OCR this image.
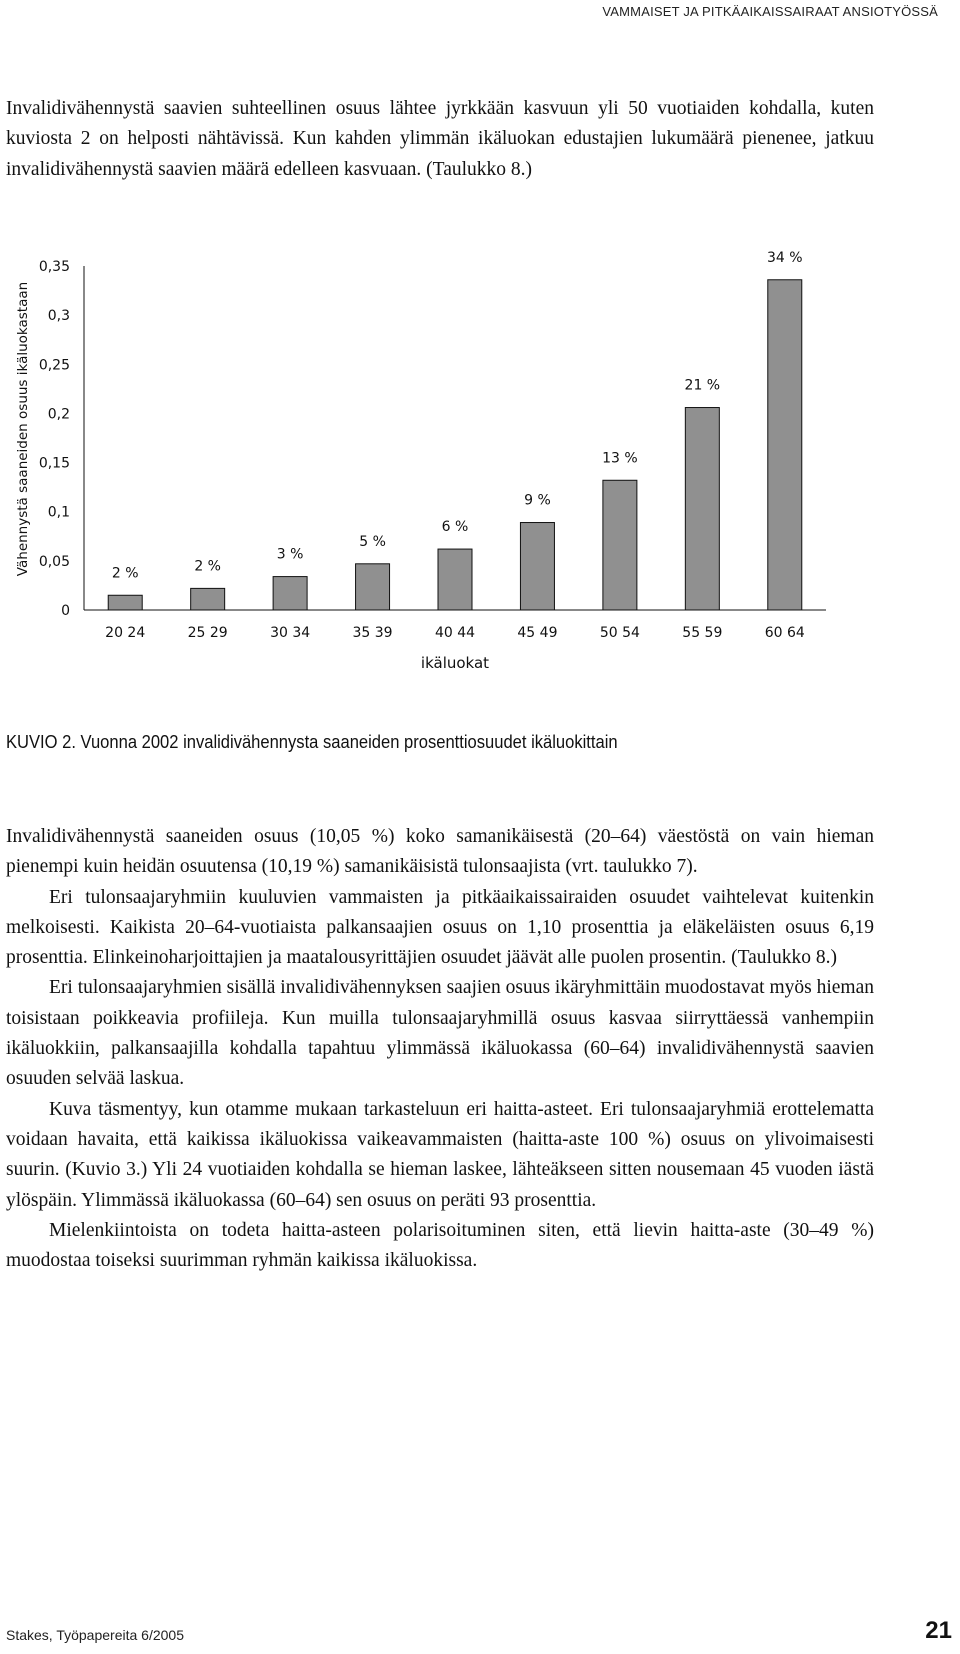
VAMMAISET JA PITKÄAIKAISSAIRAAT ANSIOTYÖSSÄ

Invalidivähennystä saavien suhteellinen osuus lähtee jyrkkään kasvuun yli 50 vuotiaiden kohdalla, kuten kuviosta 2 on helposti nähtävissä. Kun kahden ylimmän ikäluokan edustajien lukumäärä pienenee, jatkuu invalidivähennystä saavien määrä edelleen kasvuaan. (Taulukko 8.)

Vähennystä saaneiden osuus ikäluokastaan
0
0,05
0,1
0,15
0,2
0,25
0,3
0,35
2 %	2 %
3 %
5 %
6 %
9 %
13 %
21 %
34 %
20 24	25 29	30 34	35 39	40 44	45 49	50 54	55 59	60 64
ikäluokat
KUVIO 2. Vuonna 2002 invalidivähennysta saaneiden prosenttiosuudet ikäluokittain

Invalidivähennystä saaneiden osuus (10,05 %) koko samanikäisestä (20–64) väestöstä on vain hieman pienempi kuin heidän osuutensa (10,19 %) samanikäisistä tulonsaajista (vrt. taulukko 7).

Eri tulonsaajaryhmiin kuuluvien vammaisten ja pitkäaikaissairaiden osuudet vaihtelevat kuitenkin melkoisesti. Kaikista 20–64-vuotiaista palkansaajien osuus on 1,10 prosenttia ja eläkeläisten osuus 6,19 prosenttia. Elinkeinoharjoittajien ja maatalousyrittäjien osuudet jäävät alle puolen prosentin. (Taulukko 8.)

Eri tulonsaajaryhmien sisällä invalidivähennyksen saajien osuus ikäryhmittäin muodostavat myös hieman toisistaan poikkeavia profiileja. Kun muilla tulonsaajaryhmillä osuus kasvaa siirryttäessä vanhempiin ikäluokkiin, palkansaajilla kohdalla tapahtuu ylimmässä ikäluokassa (60–64) invalidivähennystä saavien osuuden selvää laskua.

Kuva täsmentyy, kun otamme mukaan tarkasteluun eri haitta-asteet. Eri tulonsaajaryhmiä erottelematta voidaan havaita, että kaikissa ikäluokissa vaikeavammaisten (haitta-aste 100 %) osuus on ylivoimaisesti suurin. (Kuvio 3.) Yli 24 vuotiaiden kohdalla se hieman laskee, lähteäkseen sitten nousemaan 45 vuoden iästä ylöspäin. Ylimmässä ikäluokassa (60–64) sen osuus on peräti 93 prosenttia.

Mielenkiintoista on todeta haitta-asteen polarisoituminen siten, että lievin haitta-aste (30–49 %) muodostaa toiseksi suurimman ryhmän kaikissa ikäluokissa.

Stakes, Työpapereita 6/2005	21
